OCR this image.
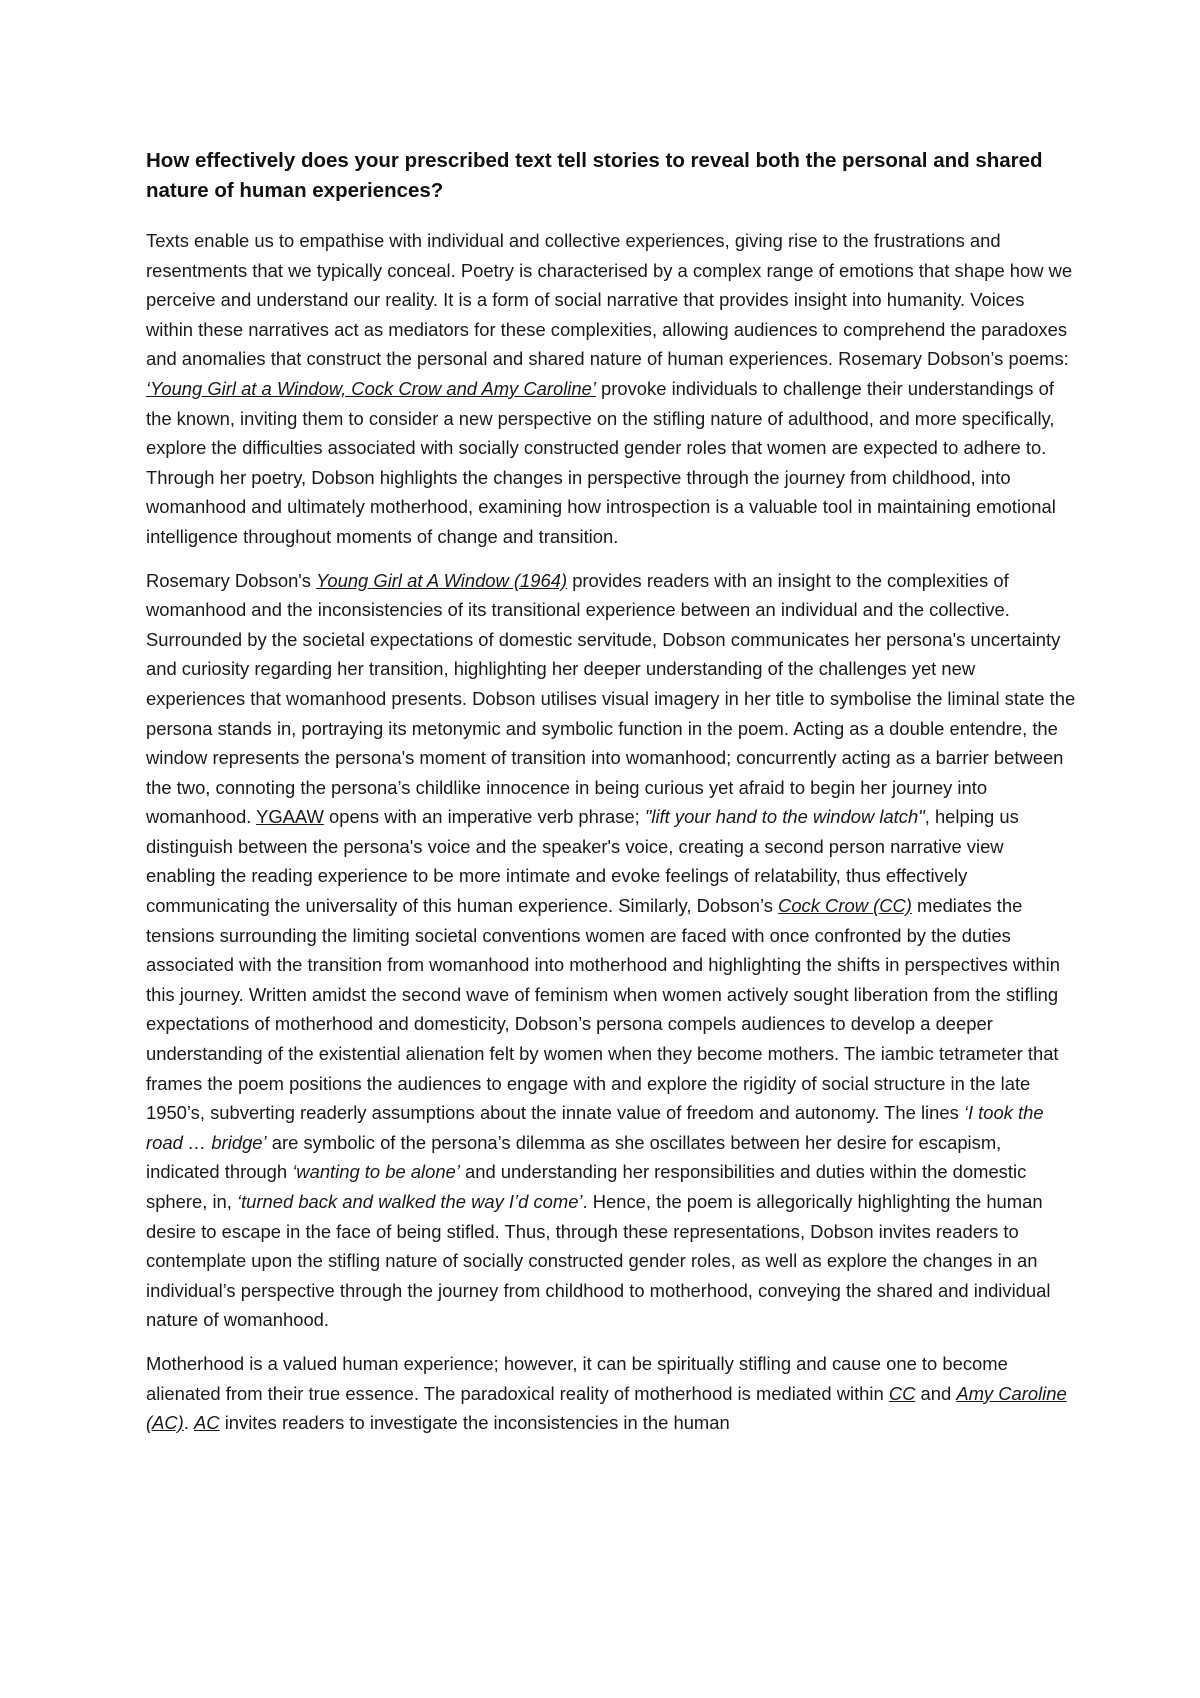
How effectively does your prescribed text tell stories to reveal both the personal and shared nature of human experiences?

Texts enable us to empathise with individual and collective experiences, giving rise to the frustrations and resentments that we typically conceal. Poetry is characterised by a complex range of emotions that shape how we perceive and understand our reality. It is a form of social narrative that provides insight into humanity. Voices within these narratives act as mediators for these complexities, allowing audiences to comprehend the paradoxes and anomalies that construct the personal and shared nature of human experiences. Rosemary Dobson’s poems: ‘Young Girl at a Window, Cock Crow and Amy Caroline’ provoke individuals to challenge their understandings of the known, inviting them to consider a new perspective on the stifling nature of adulthood, and more specifically, explore the difficulties associated with socially constructed gender roles that women are expected to adhere to. Through her poetry, Dobson highlights the changes in perspective through the journey from childhood, into womanhood and ultimately motherhood, examining how introspection is a valuable tool in maintaining emotional intelligence throughout moments of change and transition.

Rosemary Dobson's Young Girl at A Window (1964) provides readers with an insight to the complexities of womanhood and the inconsistencies of its transitional experience between an individual and the collective. Surrounded by the societal expectations of domestic servitude, Dobson communicates her persona's uncertainty and curiosity regarding her transition, highlighting her deeper understanding of the challenges yet new experiences that womanhood presents. Dobson utilises visual imagery in her title to symbolise the liminal state the persona stands in, portraying its metonymic and symbolic function in the poem. Acting as a double entendre, the window represents the persona's moment of transition into womanhood; concurrently acting as a barrier between the two, connoting the persona’s childlike innocence in being curious yet afraid to begin her journey into womanhood. YGAAW opens with an imperative verb phrase; "lift your hand to the window latch", helping us distinguish between the persona's voice and the speaker's voice, creating a second person narrative view enabling the reading experience to be more intimate and evoke feelings of relatability, thus effectively communicating the universality of this human experience. Similarly, Dobson’s Cock Crow (CC) mediates the tensions surrounding the limiting societal conventions women are faced with once confronted by the duties associated with the transition from womanhood into motherhood and highlighting the shifts in perspectives within this journey. Written amidst the second wave of feminism when women actively sought liberation from the stifling expectations of motherhood and domesticity, Dobson’s persona compels audiences to develop a deeper understanding of the existential alienation felt by women when they become mothers. The iambic tetrameter that frames the poem positions the audiences to engage with and explore the rigidity of social structure in the late 1950’s, subverting readerly assumptions about the innate value of freedom and autonomy. The lines ‘I took the road … bridge’ are symbolic of the persona’s dilemma as she oscillates between her desire for escapism, indicated through ‘wanting to be alone’ and understanding her responsibilities and duties within the domestic sphere, in, ‘turned back and walked the way I’d come’. Hence, the poem is allegorically highlighting the human desire to escape in the face of being stifled. Thus, through these representations, Dobson invites readers to contemplate upon the stifling nature of socially constructed gender roles, as well as explore the changes in an individual’s perspective through the journey from childhood to motherhood, conveying the shared and individual nature of womanhood.

Motherhood is a valued human experience; however, it can be spiritually stifling and cause one to become alienated from their true essence. The paradoxical reality of motherhood is mediated within CC and Amy Caroline (AC). AC invites readers to investigate the inconsistencies in the human
